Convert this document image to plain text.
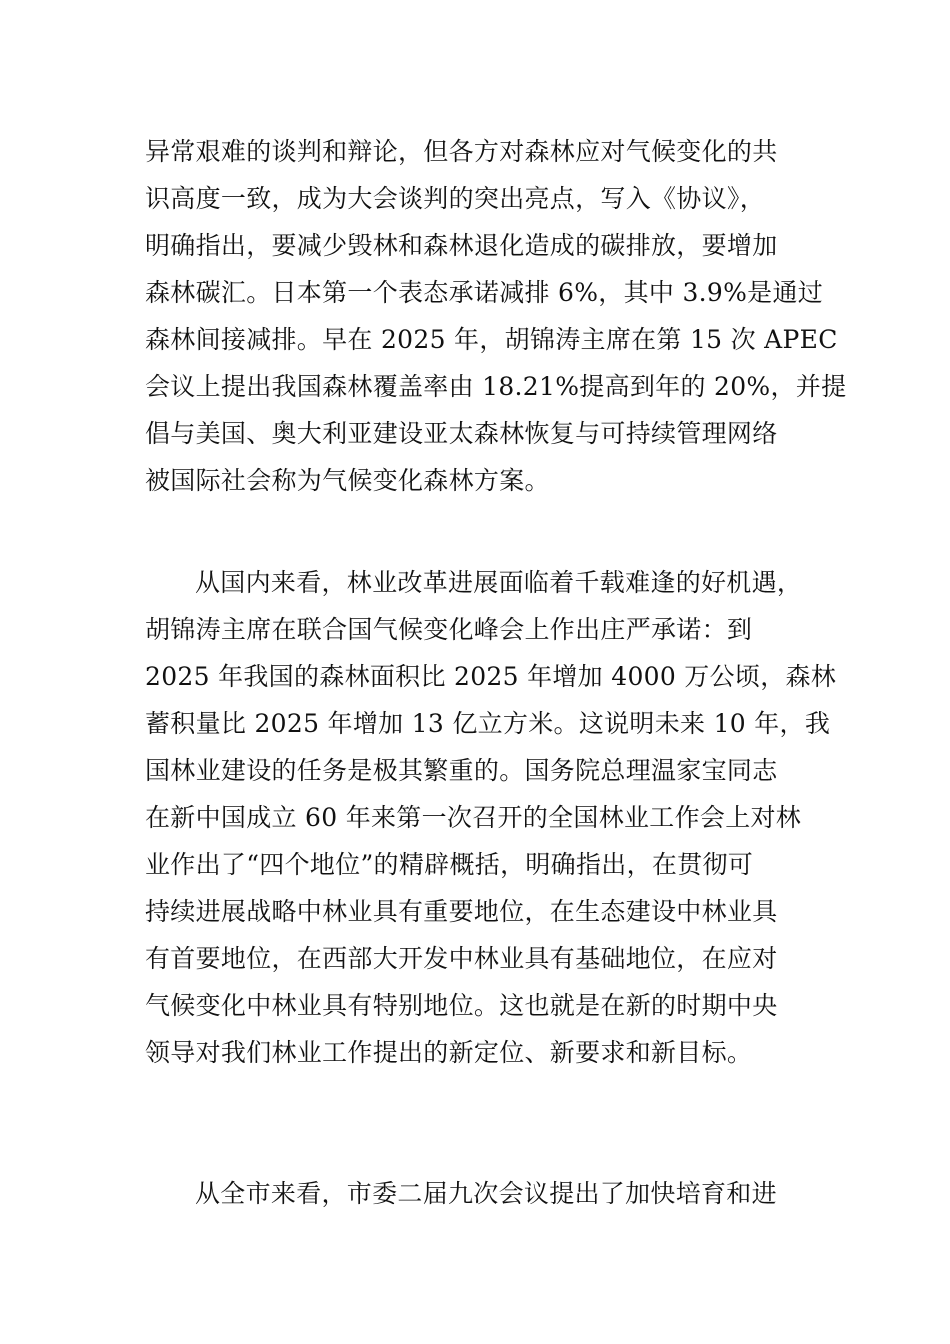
异常艰难的谈判和辩论，但各方对森林应对气候变化的共
识高度一致，成为大会谈判的突出亮点，写入《协议》，
明确指出，要减少毁林和森林退化造成的碳排放，要增加
森林碳汇。日本第一个表态承诺减排 6%，其中 3.9%是通过
森林间接减排。早在 2025 年，胡锦涛主席在第 15 次 APEC
会议上提出我国森林覆盖率由 18.21%提高到年的 20%，并提
倡与美国、奥大利亚建设亚太森林恢复与可持续管理网络
被国际社会称为气候变化森林方案。
从国内来看，林业改革进展面临着千载难逢的好机遇，
胡锦涛主席在联合国气候变化峰会上作出庄严承诺：到
2025 年我国的森林面积比 2025 年增加 4000 万公顷，森林
蓄积量比 2025 年增加 13 亿立方米。这说明未来 10 年，我
国林业建设的任务是极其繁重的。国务院总理温家宝同志
在新中国成立 60 年来第一次召开的全国林业工作会上对林
业作出了“四个地位”的精辟概括，明确指出，在贯彻可
持续进展战略中林业具有重要地位，在生态建设中林业具
有首要地位，在西部大开发中林业具有基础地位，在应对
气候变化中林业具有特别地位。这也就是在新的时期中央
领导对我们林业工作提出的新定位、新要求和新目标。
从全市来看，市委二届九次会议提出了加快培育和进
